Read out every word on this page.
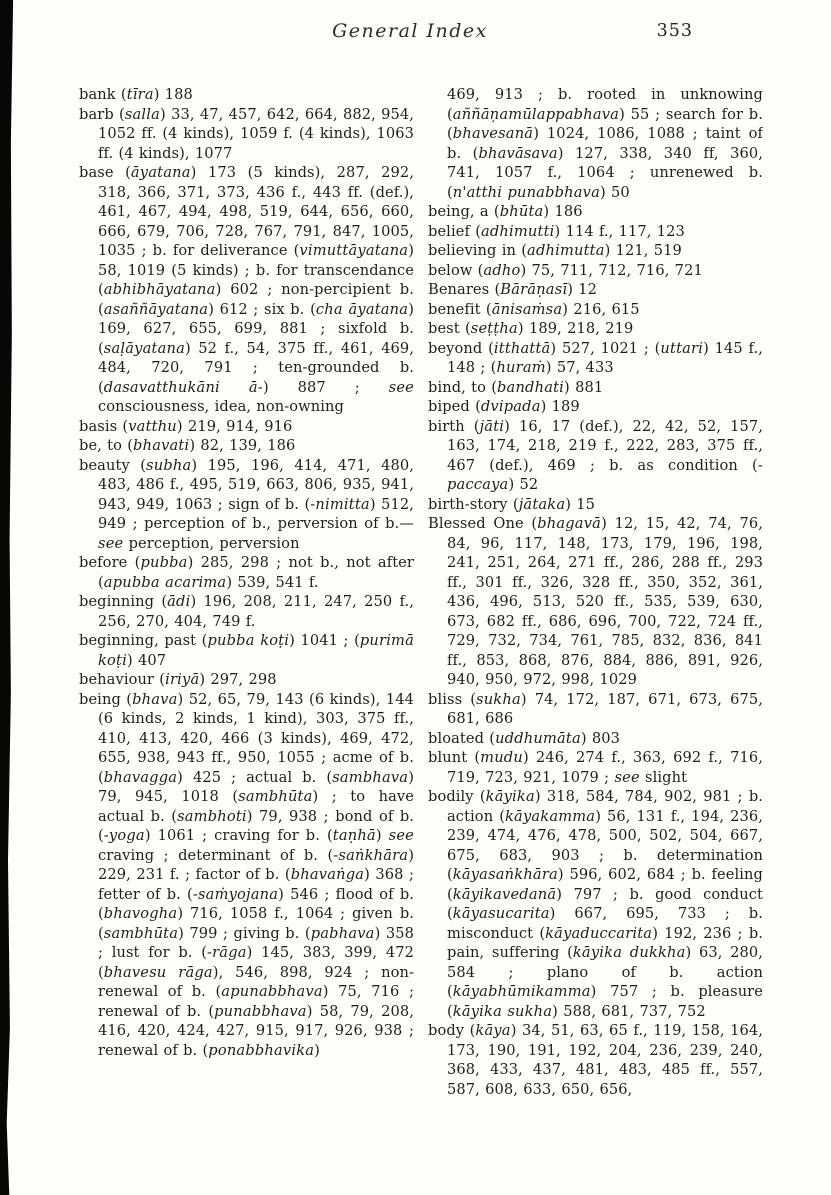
General Index	353

bank (tīra) 188

barb (salla) 33, 47, 457, 642, 664, 882, 954, 1052 ff. (4 kinds), 1059 f. (4 kinds), 1063 ff. (4 kinds), 1077

base (āyatana) 173 (5 kinds), 287, 292, 318, 366, 371, 373, 436 f., 443 ff. (def.), 461, 467, 494, 498, 519, 644, 656, 660, 666, 679, 706, 728, 767, 791, 847, 1005, 1035 ; b. for deliverance (vimuttāyatana) 58, 1019 (5 kinds) ; b. for transcendance (abhibhāyatana) 602 ; non-percipient b. (asaññāyatana) 612 ; six b. (cha āyatana) 169, 627, 655, 699, 881 ; sixfold b. (saḷāyatana) 52 f., 54, 375 ff., 461, 469, 484, 720, 791 ; ten-grounded b. (dasavatthukāni ā-) 887 ; see consciousness, idea, non-owning

basis (vatthu) 219, 914, 916

be, to (bhavati) 82, 139, 186

beauty (subha) 195, 196, 414, 471, 480, 483, 486 f., 495, 519, 663, 806, 935, 941, 943, 949, 1063 ; sign of b. (-nimitta) 512, 949 ; perception of b., perversion of b.—see perception, perversion

before (pubba) 285, 298 ; not b., not after (apubba acarima) 539, 541 f.

beginning (ādi) 196, 208, 211, 247, 250 f., 256, 270, 404, 749 f.

beginning, past (pubba koṭi) 1041 ; (purimā koṭi) 407

behaviour (iriyā) 297, 298

being (bhava) 52, 65, 79, 143 (6 kinds), 144 (6 kinds, 2 kinds, 1 kind), 303, 375 ff., 410, 413, 420, 466 (3 kinds), 469, 472, 655, 938, 943 ff., 950, 1055 ; acme of b. (bhavagga) 425 ; actual b. (sambhava) 79, 945, 1018 (sambhūta) ; to have actual b. (sambhoti) 79, 938 ; bond of b. (-yoga) 1061 ; craving for b. (taṇhā) see craving ; determinant of b. (-saṅkhāra) 229, 231 f. ; factor of b. (bhavaṅga) 368 ; fetter of b. (-saṁyojana) 546 ; flood of b. (bhavogha) 716, 1058 f., 1064 ; given b. (sambhūta) 799 ; giving b. (pabhava) 358 ; lust for b. (-rāga) 145, 383, 399, 472 (bhavesu rāga), 546, 898, 924 ; non-renewal of b. (apunabbhava) 75, 716 ; renewal of b. (punabbhava) 58, 79, 208, 416, 420, 424, 427, 915, 917, 926, 938 ; renewal of b. (ponabbhavika)

469, 913 ; b. rooted in unknowing (aññāṇamūlappabhava) 55 ; search for b. (bhavesanā) 1024, 1086, 1088 ; taint of b. (bhavāsava) 127, 338, 340 ff, 360, 741, 1057 f., 1064 ; unrenewed b. (n'atthi punabbhava) 50

being, a (bhūta) 186

belief (adhimutti) 114 f., 117, 123

believing in (adhimutta) 121, 519

below (adho) 75, 711, 712, 716, 721

Benares (Bārāṇasī) 12

benefit (ānisaṁsa) 216, 615

best (seṭṭha) 189, 218, 219

beyond (itthattā) 527, 1021 ; (uttari) 145 f., 148 ; (huraṁ) 57, 433

bind, to (bandhati) 881

biped (dvipada) 189

birth (jāti) 16, 17 (def.), 22, 42, 52, 157, 163, 174, 218, 219 f., 222, 283, 375 ff., 467 (def.), 469 ; b. as condition (-paccaya) 52

birth-story (jātaka) 15

Blessed One (bhagavā) 12, 15, 42, 74, 76, 84, 96, 117, 148, 173, 179, 196, 198, 241, 251, 264, 271 ff., 286, 288 ff., 293 ff., 301 ff., 326, 328 ff., 350, 352, 361, 436, 496, 513, 520 ff., 535, 539, 630, 673, 682 ff., 686, 696, 700, 722, 724 ff., 729, 732, 734, 761, 785, 832, 836, 841 ff., 853, 868, 876, 884, 886, 891, 926, 940, 950, 972, 998, 1029

bliss (sukha) 74, 172, 187, 671, 673, 675, 681, 686

bloated (uddhumāta) 803

blunt (mudu) 246, 274 f., 363, 692 f., 716, 719, 723, 921, 1079 ; see slight

bodily (kāyika) 318, 584, 784, 902, 981 ; b. action (kāyakamma) 56, 131 f., 194, 236, 239, 474, 476, 478, 500, 502, 504, 667, 675, 683, 903 ; b. determination (kāyasaṅkhāra) 596, 602, 684 ; b. feeling (kāyikavedanā) 797 ; b. good conduct (kāyasucarita) 667, 695, 733 ; b. misconduct (kāyaduccarita) 192, 236 ; b. pain, suffering (kāyika dukkha) 63, 280, 584 ; plano of b. action (kāyabhūmikamma) 757 ; b. pleasure (kāyika sukha) 588, 681, 737, 752

body (kāya) 34, 51, 63, 65 f., 119, 158, 164, 173, 190, 191, 192, 204, 236, 239, 240, 368, 433, 437, 481, 483, 485 ff., 557, 587, 608, 633, 650, 656,
